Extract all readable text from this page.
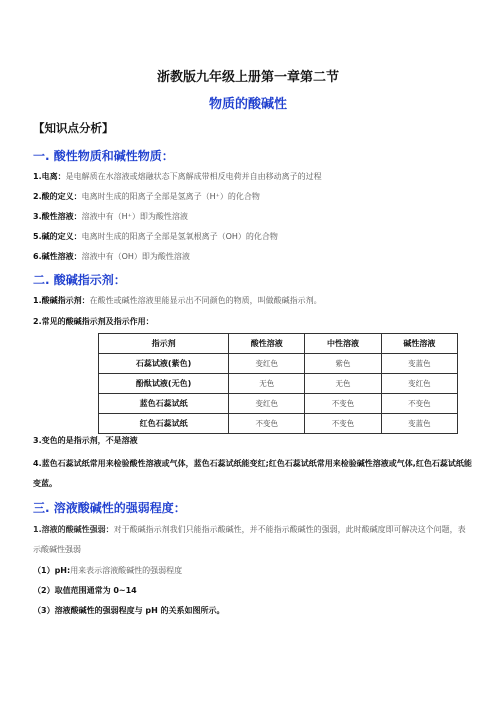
浙教版九年级上册第一章第二节
物质的酸碱性
【知识点分析】
一. 酸性物质和碱性物质：
1.电离：是电解质在水溶液或熔融状态下离解成带相反电荷并自由移动离子的过程
2.酸的定义：电离时生成的阳离子全部是氢离子（H⁺）的化合物
3.酸性溶液：溶液中有（H⁺）即为酸性溶液
5.碱的定义：电离时生成的阳离子全部是氢氧根离子（OH）的化合物
6.碱性溶液：溶液中有（OH）即为酸性溶液
二. 酸碱指示剂：
1.酸碱指示剂：在酸性或碱性溶液里能显示出不同颜色的物质，叫做酸碱指示剂。
2.常见的酸碱指示剂及指示作用：
指示剂	酸性溶液	中性溶液	碱性溶液
石蕊试液(紫色)	变红色	紫色	变蓝色
酚酞试液(无色)	无色	无色	变红色
蓝色石蕊试纸	变红色	不变色	不变色
红色石蕊试纸	不变色	不变色	变蓝色
3.变色的是指示剂，不是溶液
4.蓝色石蕊试纸常用来检验酸性溶液或气体，蓝色石蕊试纸能变红;红色石蕊试纸常用来检验碱性溶液或气体,红色石蕊试纸能变蓝。
三. 溶液酸碱性的强弱程度：
1.溶液的酸碱性强弱：对于酸碱指示剂我们只能指示酸碱性，并不能指示酸碱性的强弱，此时酸碱度即可解决这个问题，表示酸碱性强弱
（1）pH:用来表示溶液酸碱性的强弱程度
（2）取值范围通常为 0~14
（3）溶液酸碱性的强弱程度与 pH 的关系如图所示。
